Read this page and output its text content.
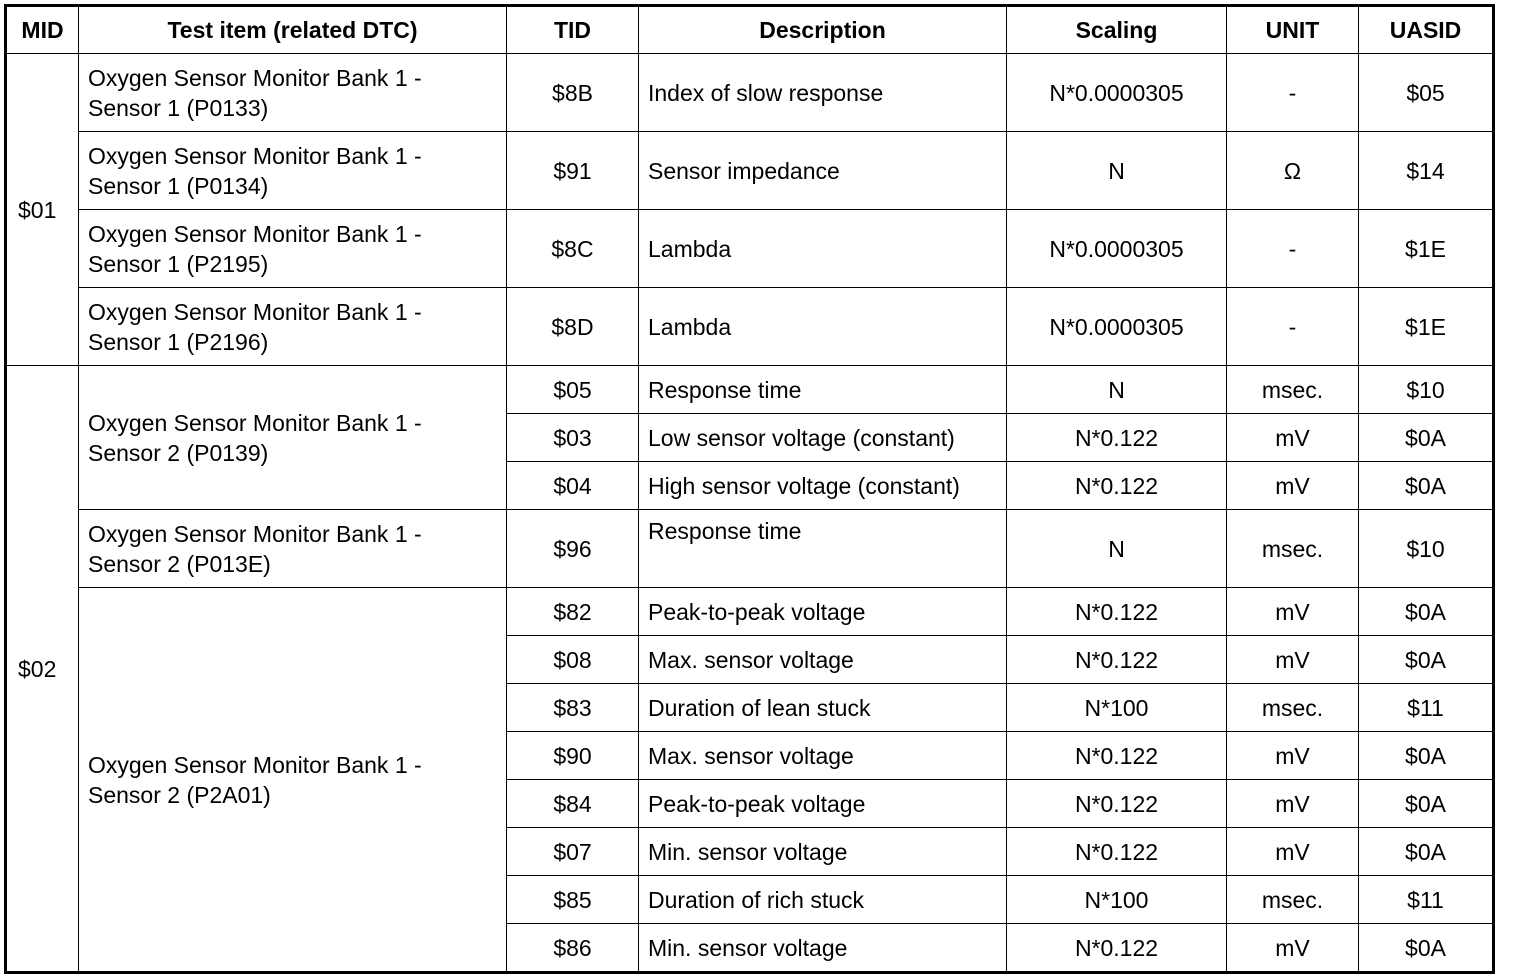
MID	Test item (related DTC)	TID	Description	Scaling	UNIT	UASID
$01	Oxygen Sensor Monitor Bank 1 -
Sensor 1 (P0133)	$8B	Index of slow response	N*0.0000305	-	$05
	Oxygen Sensor Monitor Bank 1 -
Sensor 1 (P0134)	$91	Sensor impedance	N	Ω	$14
	Oxygen Sensor Monitor Bank 1 -
Sensor 1 (P2195)	$8C	Lambda	N*0.0000305	-	$1E
	Oxygen Sensor Monitor Bank 1 -
Sensor 1 (P2196)	$8D	Lambda	N*0.0000305	-	$1E
$02	Oxygen Sensor Monitor Bank 1 -
Sensor 2 (P0139)	$05	Response time	N	msec.	$10
		$03	Low sensor voltage (constant)	N*0.122	mV	$0A
		$04	High sensor voltage (constant)	N*0.122	mV	$0A
	Oxygen Sensor Monitor Bank 1 -
Sensor 2 (P013E)	$96	Response time	N	msec.	$10
	Oxygen Sensor Monitor Bank 1 -
Sensor 2 (P2A01)	$82	Peak-to-peak voltage	N*0.122	mV	$0A
		$08	Max. sensor voltage	N*0.122	mV	$0A
		$83	Duration of lean stuck	N*100	msec.	$11
		$90	Max. sensor voltage	N*0.122	mV	$0A
		$84	Peak-to-peak voltage	N*0.122	mV	$0A
		$07	Min. sensor voltage	N*0.122	mV	$0A
		$85	Duration of rich stuck	N*100	msec.	$11
		$86	Min. sensor voltage	N*0.122	mV	$0A
